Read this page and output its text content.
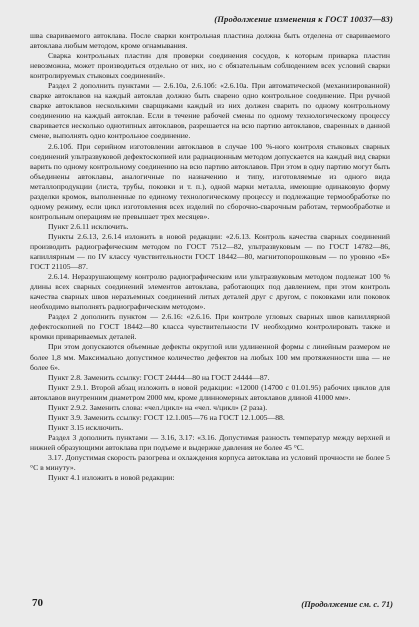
(Продолжение изменения к ГОСТ 10037—83)

шва свариваемого автоклава. После сварки контрольная пластина должна быть отделена от свариваемого автоклава любым методом, кроме огнамывания.

Сварка контрольных пластин для проверки соединения сосудов, к которым приварка пластин невозможна, может производиться отдельно от них, но с обязательным соблюдением всех условий сварки контролируемых стыковых соединений».

Раздел 2 дополнить пунктами — 2.6.10а, 2.6.10б: «2.6.10а. При автоматической (механизированной) сварке автоклавов на каждый автоклав должно быть сварено одно контрольное соединение. При ручной сварке автоклавов несколькими сварщиками каждый из них должен сварить по одному контрольному соединению на каждый автоклав. Если в течение рабочей смены по одному технологическому процессу сваривается несколько однотипных автоклавов, разрешается на всю партию автоклавов, сваренных в данной смене, выполнять одно контрольное соединение.

2.6.10б. При серийном изготовлении автоклавов в случае 100 %-ного контроля стыковых сварных соединений ультразвуковой дефектоскопией или радиационным методом допускается на каждый вид сварки варить по одному контрольному соединению на всю партию автоклавов. При этом в одну партию могут быть объединены автоклавы, аналогичные по назначению и типу, изготовляемые из одного вида металлопродукции (листа, трубы, поковки и т. п.), одной марки металла, имеющие одинаковую форму разделки кромок, выполненные по единому технологическому процессу и подлежащие термообработке по одному режиму, если цикл изготовления всех изделий по сборочно-сварочным работам, термообработке и контрольным операциям не превышает трех месяцев».

Пункт 2.6.11 исключить.

Пункты 2.6.13, 2.6.14 изложить в новой редакции: «2.6.13. Контроль качества сварных соединений производить радиографическим методом по ГОСТ 7512—82, ультразвуковым — по ГОСТ 14782—86, капиллярным — по IV классу чувствительности ГОСТ 18442—80, магнитопорошковым — по уровню «Б» ГОСТ 21105—87.

2.6.14. Неразрушающему контролю радиографическим или ультразвуковым методом подлежат 100 % длины всех сварных соединений элементов автоклава, работающих под давлением, при этом контроль качества сварных швов неразъемных соединений литых деталей друг с другом, с поковками или поковок необходимо выполнять радиографическим методом».

Раздел 2 дополнить пунктом — 2.6.16: «2.6.16. При контроле угловых сварных швов капиллярной дефектоскопией по ГОСТ 18442—80 класса чувствительности IV необходимо контролировать также и кромки привариваемых деталей.

При этом допускаются объемные дефекты округлой или удлиненной формы с линейным размером не более 1,8 мм. Максимально допустимое количество дефектов на любых 100 мм протяженности шва — не более 6».

Пункт 2.8. Заменить ссылку: ГОСТ 24444—80 на ГОСТ 24444—87.

Пункт 2.9.1. Второй абзац изложить в новой редакции: «12000 (14700 с 01.01.95) рабочих циклов для автоклавов внутренним диаметром 2000 мм, кроме длинномерных автоклавов длиной 41000 мм».

Пункт 2.9.2. Заменить слова: «чел./цикл» на «чел. ч/цикл» (2 раза).

Пункт 3.9. Заменить ссылку: ГОСТ 12.1.005—76 на ГОСТ 12.1.005—88.

Пункт 3.15 исключить.

Раздел 3 дополнить пунктами — 3.16, 3.17: «3.16. Допустимая разность температур между верхней и нижней образующими автоклава при подъеме и выдержке давления не более 45 °С.

3.17. Допустимая скорость разогрева и охлаждения корпуса автоклава из условий прочности не более 5 °С в минуту».

Пункт 4.1 изложить в новой редакции:

70	(Продолжение см. с. 71)
